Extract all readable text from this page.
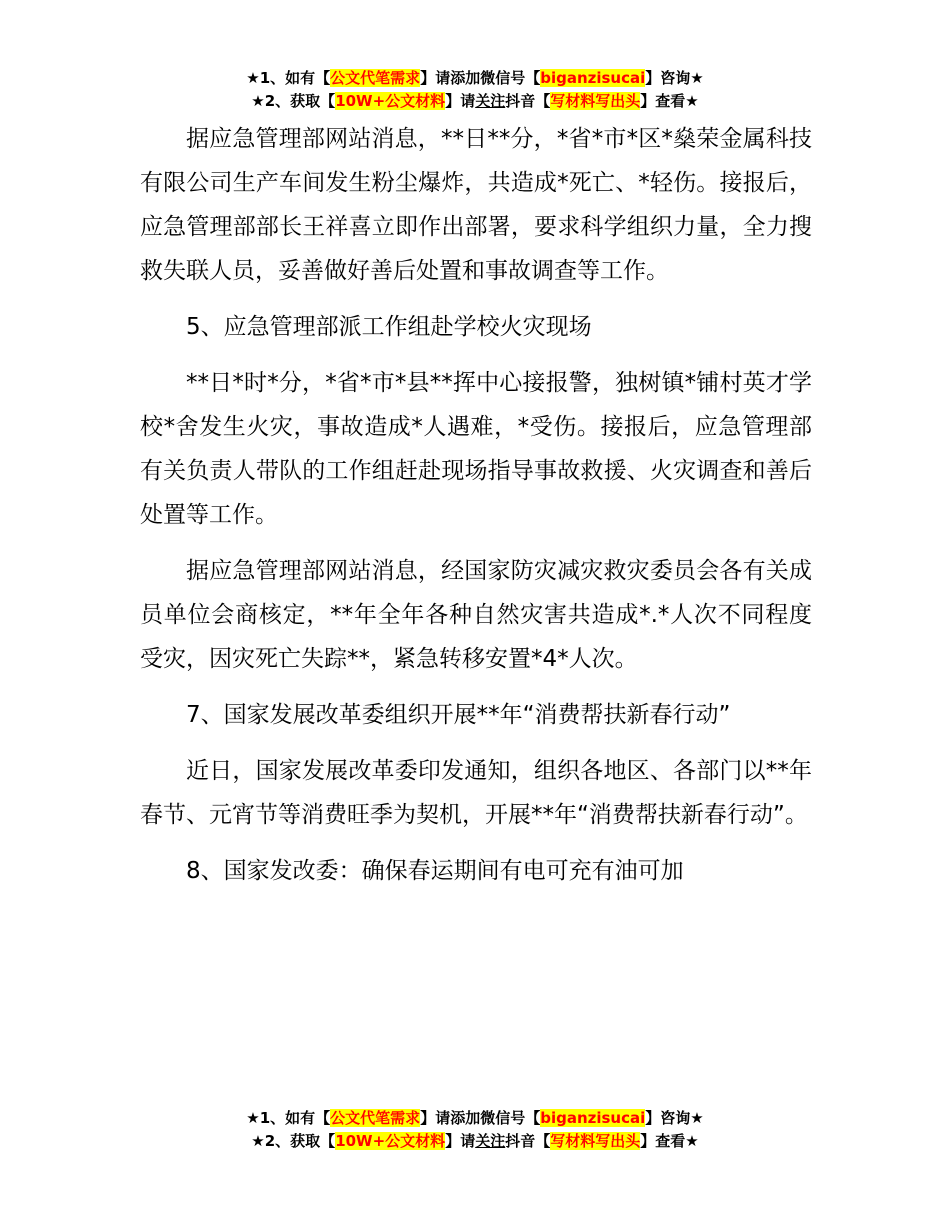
★1、如有【公文代笔需求】请添加微信号【biganzisucai】咨询★
★2、获取【10W+公文材料】请关注抖音【写材料写出头】查看★

据应急管理部网站消息，**日**分，*省*市*区*燊荣金属科技有限公司生产车间发生粉尘爆炸，共造成*死亡、*轻伤。接报后，应急管理部部长王祥喜立即作出部署，要求科学组织力量，全力搜救失联人员，妥善做好善后处置和事故调查等工作。

5、应急管理部派工作组赴学校火灾现场

**日*时*分，*省*市*县**挥中心接报警，独树镇*铺村英才学校*舍发生火灾，事故造成*人遇难，*受伤。接报后，应急管理部有关负责人带队的工作组赶赴现场指导事故救援、火灾调查和善后处置等工作。

据应急管理部网站消息，经国家防灾减灾救灾委员会各有关成员单位会商核定，**年全年各种自然灾害共造成*.*人次不同程度受灾，因灾死亡失踪**，紧急转移安置*4*人次。

7、国家发展改革委组织开展**年“消费帮扶新春行动”

近日，国家发展改革委印发通知，组织各地区、各部门以**年春节、元宵节等消费旺季为契机，开展**年“消费帮扶新春行动”。

8、国家发改委：确保春运期间有电可充有油可加

★1、如有【公文代笔需求】请添加微信号【biganzisucai】咨询★
★2、获取【10W+公文材料】请关注抖音【写材料写出头】查看★
